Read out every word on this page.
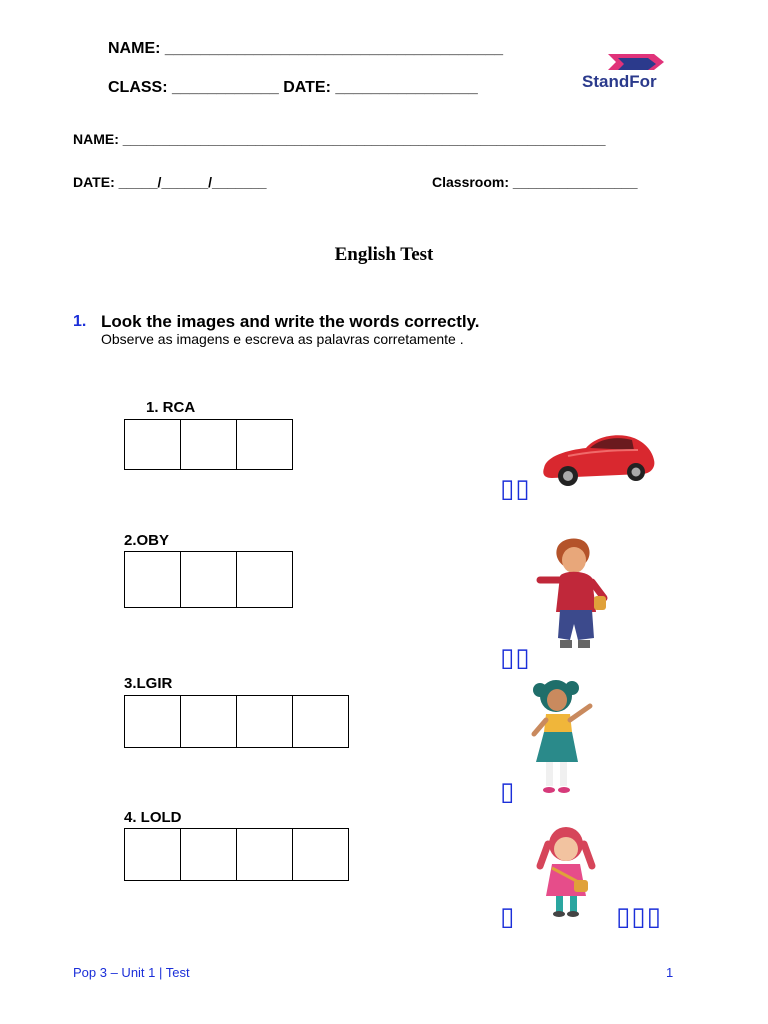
NAME: ______________________________________
CLASS: ____________ DATE: ________________	StandFor
NAME: ______________________________________________________________
DATE: _____/______/_______	Classroom: ________________
English Test
1. Look the images and write the words correctly.
Observe as imagens e escreva as palavras corretamente .
1. RCA
▯▯
2.OBY
▯▯
3.LGIR
▯
4. LOLD
▯	▯▯▯
Pop 3 – Unit 1 | Test	1
